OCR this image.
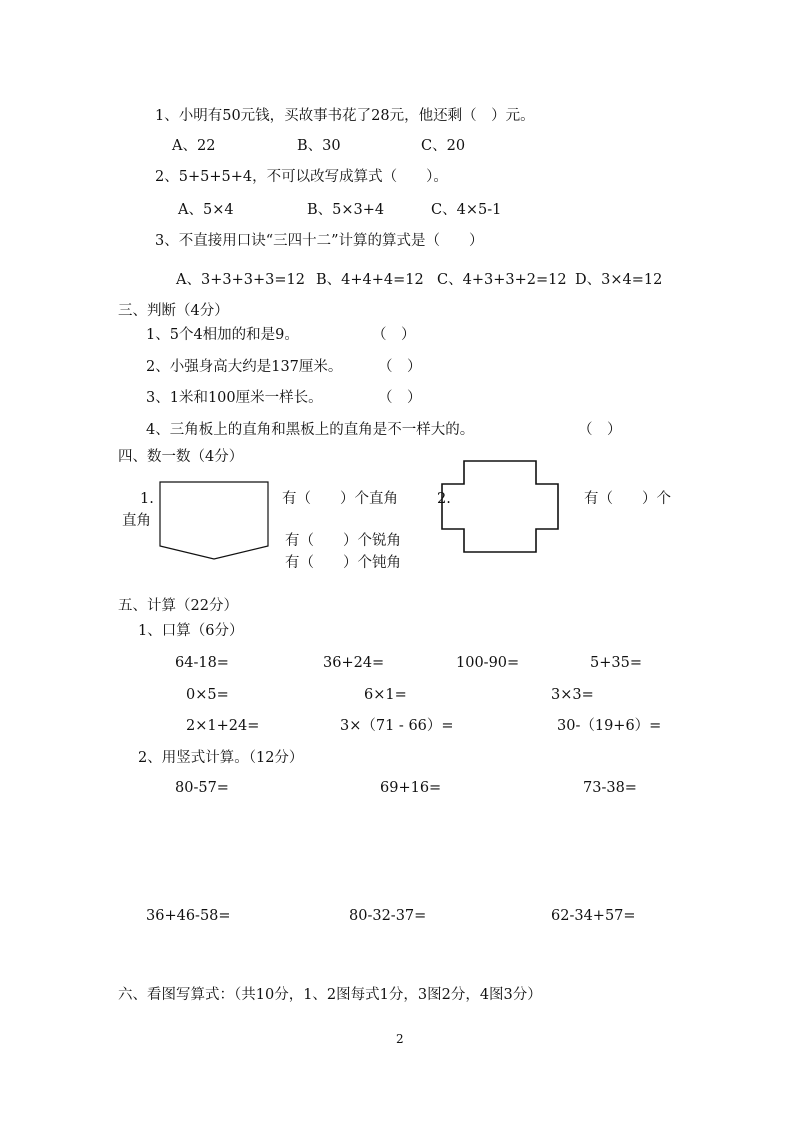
1、小明有50元钱，买故事书花了28元，他还剩（　）元。
A、22	B、30	C、20
2、5+5+5+4，不可以改写成算式（　　）。
A、5×4	B、5×3+4	C、4×5-1
3、不直接用口诀“三四十二”计算的算式是（　　）
A、3+3+3+3=12 B、4+4+4=12 C、4+3+3+2=12 D、3×4=12
三、判断（4分）
1、5个4相加的和是9。	（　）
2、小强身高大约是137厘米。 （　）
3、1米和100厘米一样长。	（　）
4、三角板上的直角和黑板上的直角是不一样大的。	（　）
四、数一数（4分）
1.	有（　　）个直角	2.	有（　　）个
直角
有（　　）个锐角
有（　　）个钝角
五、计算（22分）
1、口算（6分）
64-18=	36+24=	100-90=	5+35=
0×5=	6×1=	3×3=
2×1+24=	3×（71 - 66）=	30-（19+6）=
2、用竖式计算。（12分）
80-57=	69+16=	73-38=
36+46-58=	80-32-37=	62-34+57=
六、看图写算式：（共10分，1、2图每式1分，3图2分，4图3分）
2
